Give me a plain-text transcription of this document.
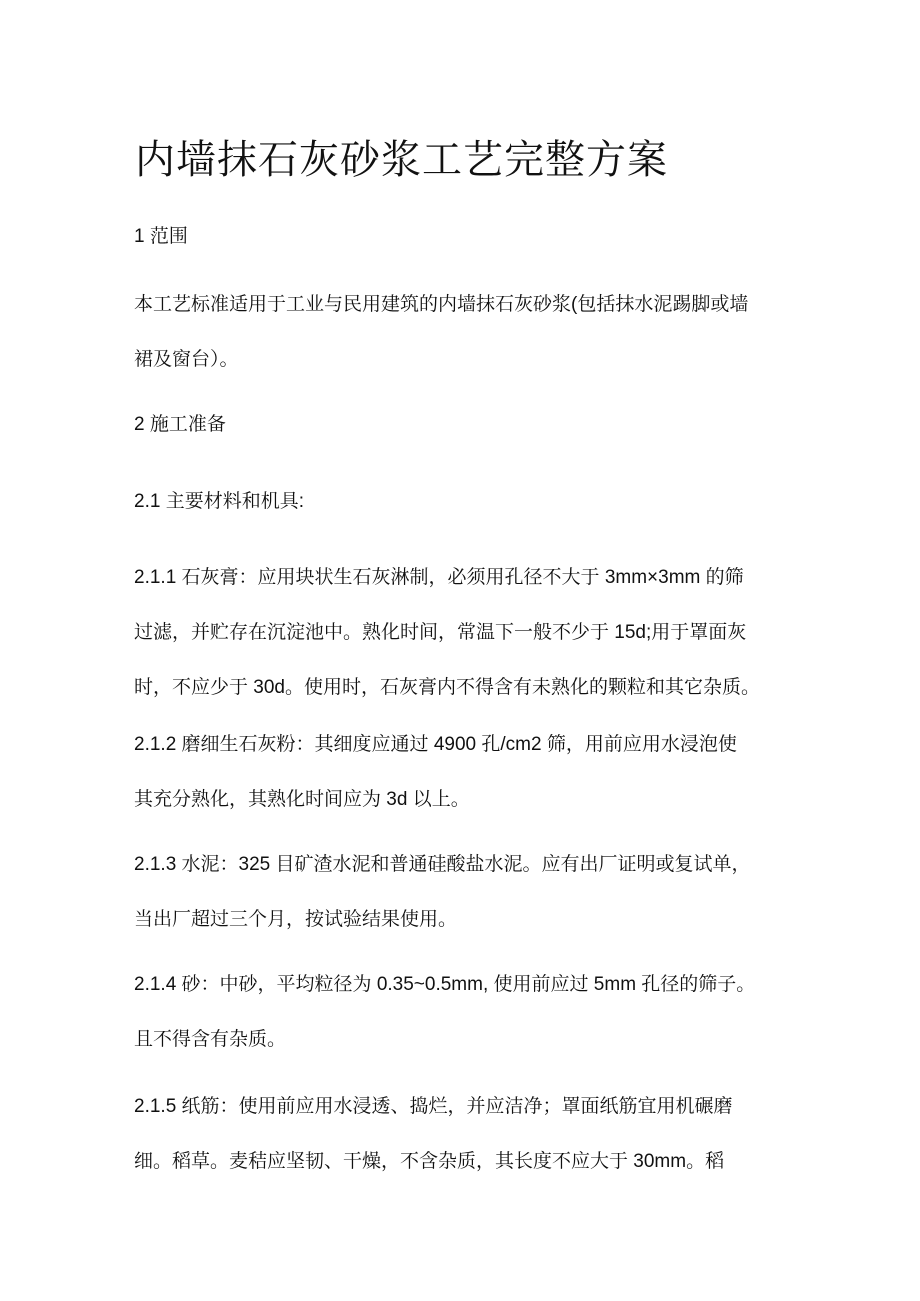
内墙抹石灰砂浆工艺完整方案
1 范围
本工艺标准适用于工业与民用建筑的内墙抹石灰砂浆(包括抹水泥踢脚或墙
裙及窗台）。
2 施工准备
2.1 主要材料和机具:
2.1.1 石灰膏：应用块状生石灰淋制，必须用孔径不大于 3mm×3mm 的筛
过滤，并贮存在沉淀池中。熟化时间，常温下一般不少于 15d;用于罩面灰
时，不应少于 30d。使用时，石灰膏内不得含有未熟化的颗粒和其它杂质。
2.1.2 磨细生石灰粉：其细度应通过 4900 孔/cm2 筛，用前应用水浸泡使
其充分熟化，其熟化时间应为 3d 以上。
2.1.3 水泥：325 目矿渣水泥和普通硅酸盐水泥。应有出厂证明或复试单，
当出厂超过三个月，按试验结果使用。
2.1.4 砂：中砂，平均粒径为 0.35~0.5mm, 使用前应过 5mm 孔径的筛子。
且不得含有杂质。
2.1.5 纸筋：使用前应用水浸透、捣烂，并应洁净；罩面纸筋宜用机碾磨
细。稻草。麦秸应坚韧、干燥，不含杂质，其长度不应大于 30mm。稻
